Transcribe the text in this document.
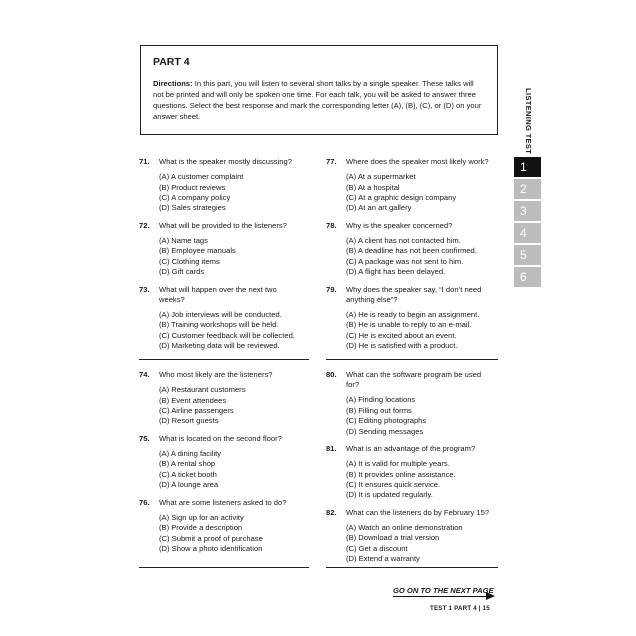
PART 4
Directions: In this part, you will listen to several short talks by a single speaker. These talks will not be printed and will only be spoken one time. For each talk, you will be asked to answer three questions. Select the best response and mark the corresponding letter (A), (B), (C), or (D) on your answer sheet.	LISTENING TEST
1
2
3
4
5
6
71. What is the speaker mostly discussing?
(A) A customer complaint
(B) Product reviews
(C) A company policy
(D) Sales strategies
72. What will be provided to the listeners?
(A) Name tags
(B) Employee manuals
(C) Clothing items
(D) Gift cards
73. What will happen over the next two weeks?
(A) Job interviews will be conducted.
(B) Training workshops will be held.
(C) Customer feedback will be collected.
(D) Marketing data will be reviewed.
74. Who most likely are the listeners?
(A) Restaurant customers
(B) Event attendees
(C) Airline passengers
(D) Resort guests
75. What is located on the second floor?
(A) A dining facility
(B) A rental shop
(C) A ticket booth
(D) A lounge area
76. What are some listeners asked to do?
(A) Sign up for an activity
(B) Provide a description
(C) Submit a proof of purchase
(D) Show a photo identification
77. Where does the speaker most likely work?
(A) At a supermarket
(B) At a hospital
(C) At a graphic design company
(D) At an art gallery
78. Why is the speaker concerned?
(A) A client has not contacted him.
(B) A deadline has not been confirmed.
(C) A package was not sent to him.
(D) A flight has been delayed.
79. Why does the speaker say, “I don’t need anything else”?
(A) He is ready to begin an assignment.
(B) He is unable to reply to an e-mail.
(C) He is excited about an event.
(D) He is satisfied with a product.
80. What can the software program be used for?
(A) Finding locations
(B) Filling out forms
(C) Editing photographs
(D) Sending messages
81. What is an advantage of the program?
(A) It is valid for multiple years.
(B) It provides online assistance.
(C) It ensures quick service.
(D) It is updated regularly.
82. What can the listeners do by February 15?
(A) Watch an online demonstration
(B) Download a trial version
(C) Get a discount
(D) Extend a warranty
GO ON TO THE NEXT PAGE
TEST 1 PART 4 | 15
